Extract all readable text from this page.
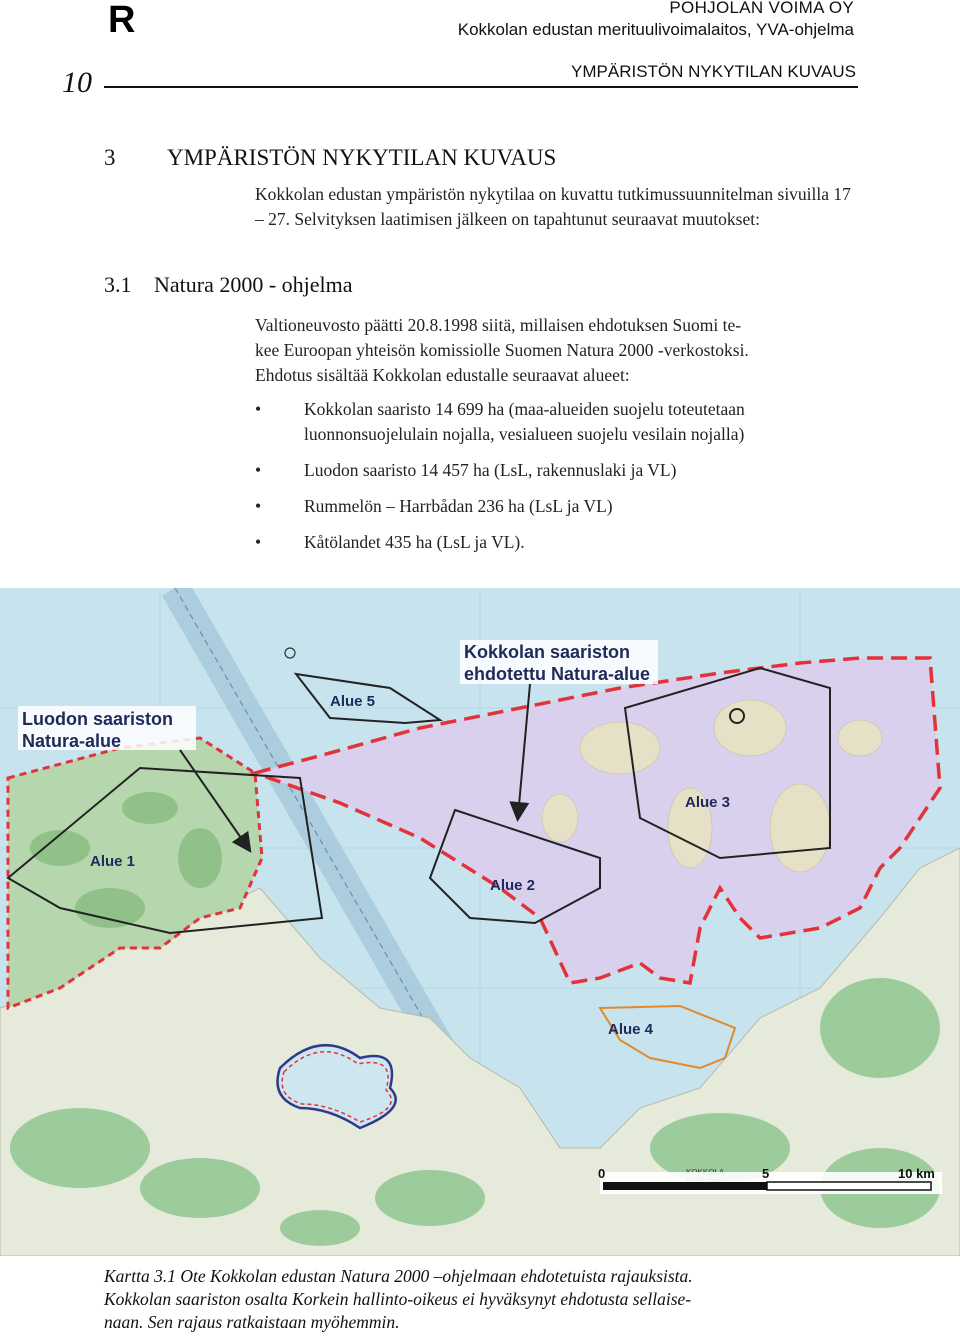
R	POHJOLAN VOIMA OY
Kokkolan edustan merituulivoimalaitos, YVA-ohjelma
YMPÄRISTÖN NYKYTILAN KUVAUS
10
3 YMPÄRISTÖN NYKYTILAN KUVAUS
Kokkolan edustan ympäristön nykytilaa on kuvattu tutkimussuunnitelman sivuilla 17 – 27. Selvityksen laatimisen jälkeen on tapahtunut seuraavat muutokset:
3.1 Natura 2000 - ohjelma
Valtioneuvosto päätti 20.8.1998 siitä, millaisen ehdotuksen Suomi te-
kee Euroopan yhteisön komissiolle Suomen Natura 2000 -verkostoksi.
Ehdotus sisältää Kokkolan edustalle seuraavat alueet:
• Kokkolan saaristo 14 699 ha (maa-alueiden suojelu toteutetaan
luonnonsuojelulain nojalla, vesialueen suojelu vesilain nojalla)
• Luodon saaristo 14 457 ha (LsL, rakennuslaki ja VL)
• Rummelön – Harrbådan 236 ha (LsL ja VL)
• Kåtölandet 435 ha (LsL ja VL).
Kokkolan saariston
ehdotettu Natura-alue
Luodon saariston
Natura-alue
Alue 1
Alue 2
Alue 3
Alue 4
Alue 5
0	5	10 km
Kartta 3.1 Ote Kokkolan edustan Natura 2000 –ohjelmaan ehdotetuista rajauksista.
Kokkolan saariston osalta Korkein hallinto-oikeus ei hyväksynyt ehdotusta sellaise-
naan. Sen rajaus ratkaistaan myöhemmin.
